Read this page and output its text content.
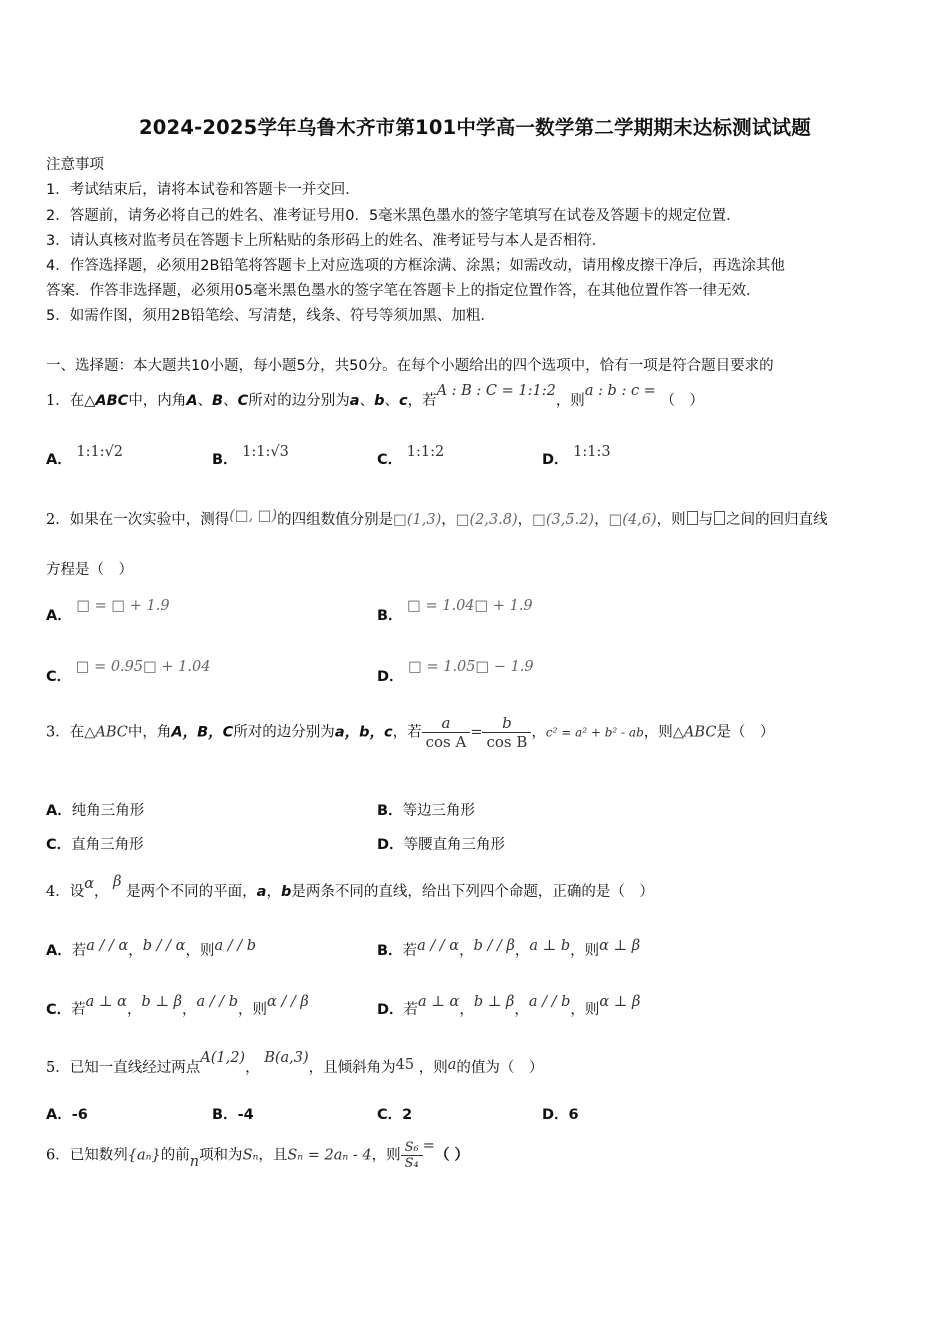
2024-2025学年乌鲁木齐市第101中学高一数学第二学期期末达标测试试题
注意事项
1．考试结束后，请将本试卷和答题卡一并交回．
2．答题前，请务必将自己的姓名、准考证号用0．5毫米黑色墨水的签字笔填写在试卷及答题卡的规定位置．
3．请认真核对监考员在答题卡上所粘贴的条形码上的姓名、准考证号与本人是否相符．
4．作答选择题，必须用2B铅笔将答题卡上对应选项的方框涂满、涂黑；如需改动，请用橡皮擦干净后，再选涂其他
答案．作答非选择题，必须用05毫米黑色墨水的签字笔在答题卡上的指定位置作答，在其他位置作答一律无效．
5．如需作图，须用2B铅笔绘、写清楚，线条、符号等须加黑、加粗．
一、选择题：本大题共10小题，每小题5分，共50分。在每个小题给出的四个选项中，恰有一项是符合题目要求的
1．在△ABC中，内角A、B、C所对的边分别为a、b、c，若A : B : C = 1:1:2，则a : b : c = （　）
A． 1:1:√2	B． 1:1:√3	C． 1:1:2	D． 1:1:3
2．如果在一次实验中，测得(□, □)的四组数值分别是□(1,3)，□(2,3.8)，□(3,5.2)，□(4,6)，则 与 之间的回归直线
方程是（　）
A． □ = □ + 1.9
B． □ = 1.04□ + 1.9
C． □ = 0.95□ + 1.04
D． □ = 1.05□ − 1.9
3．在△ABC中，角A，B，C所对的边分别为a，b，c，若 $\frac{a}{\text{cos A}} = \frac{b}{\text{cos B}}$ ，c² = a² + b² - ab，则△ABC是（　）
A．纯角三角形	B．等边三角形
C．直角三角形	D．等腰直角三角形
4．设α， β 是两个不同的平面，a，b是两条不同的直线，给出下列四个命题，正确的是（　）
A．若a / / α，b / / α，则a / / b	B．若a / / α，b / / β，a ⊥ b，则α ⊥ β
C．若a ⊥ α，b ⊥ β，a / / b，则α / / β	D．若a ⊥ α，b ⊥ β，a / / b，则α ⊥ β
5．已知一直线经过两点A(1,2)， B(a,3)，且倾斜角为45 ，则a的值为（　）
A．-6	B．-4	C．2	D．6
6．已知数列{aₙ}的前n项和为Sₙ，且Sₙ = 2aₙ - 4，则 $\frac{\text{S₆}}{\text{S₄}}$ =（ ）
